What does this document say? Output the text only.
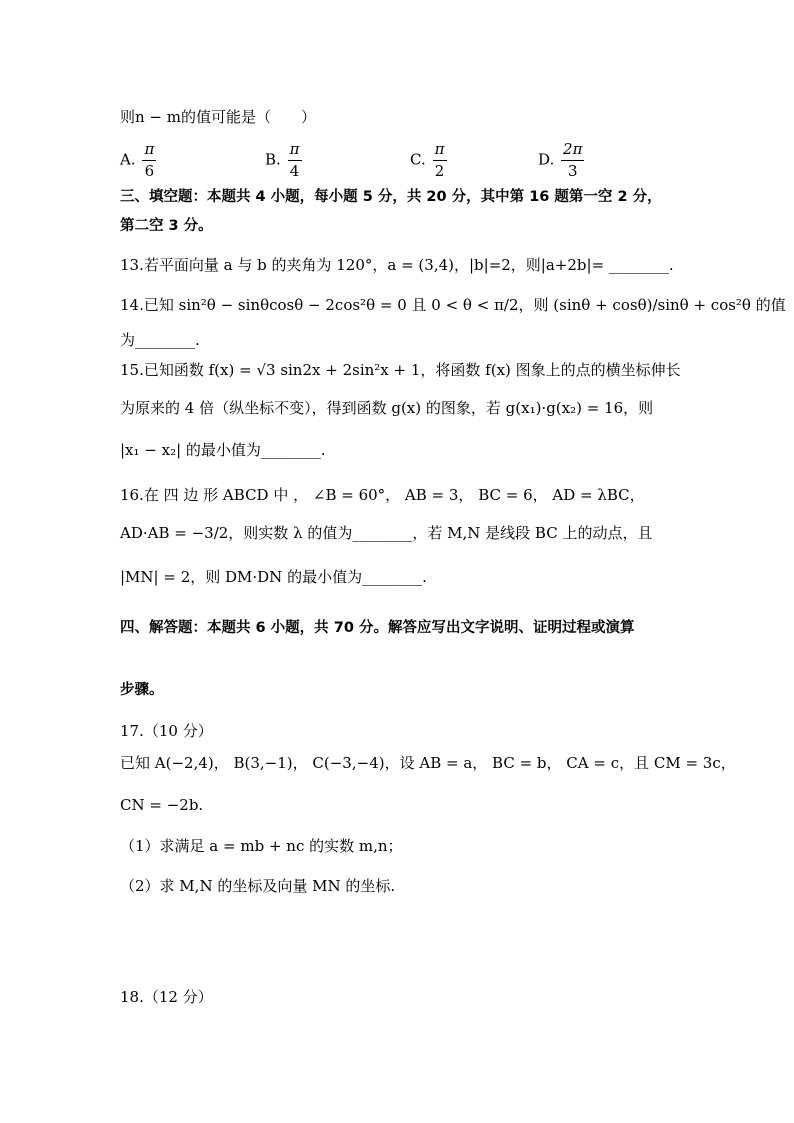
则n − m的值可能是（　　）
A. $\frac{\pi}{6}$	B. $\frac{\pi}{4}$	C. $\frac{\pi}{2}$	D. $\frac{2\pi}{3}$
三、填空题：本题共 4 小题，每小题 5 分，共 20 分，其中第 16 题第一空 2 分，
第二空 3 分。
13.若平面向量 a 与 b 的夹角为 120°，a = (3,4)，|b|=2，则|a+2b|= ________.
14.已知 sin²θ − sinθcosθ − 2cos²θ = 0 且 0 < θ < π/2，则 (sinθ + cosθ)/sinθ + cos²θ 的值
为________.
15.已知函数 f(x) = √3 sin2x + 2sin²x + 1，将函数 f(x) 图象上的点的横坐标伸长
为原来的 4 倍（纵坐标不变），得到函数 g(x) 的图象，若 g(x₁)·g(x₂) = 16，则
|x₁ − x₂| 的最小值为________.
16.在 四 边 形 ABCD 中 ， ∠B = 60°， AB = 3， BC = 6， AD = λBC，
AD·AB = −3/2，则实数 λ 的值为________，若 M,N 是线段 BC 上的动点，且
|MN| = 2，则 DM·DN 的最小值为________.
四、解答题：本题共 6 小题，共 70 分。解答应写出文字说明、证明过程或演算
步骤。
17.（10 分）
已知 A(−2,4)， B(3,−1)， C(−3,−4)，设 AB = a， BC = b， CA = c，且 CM = 3c，
CN = −2b.
（1）求满足 a = mb + nc 的实数 m,n；
（2）求 M,N 的坐标及向量 MN 的坐标.
18.（12 分）
